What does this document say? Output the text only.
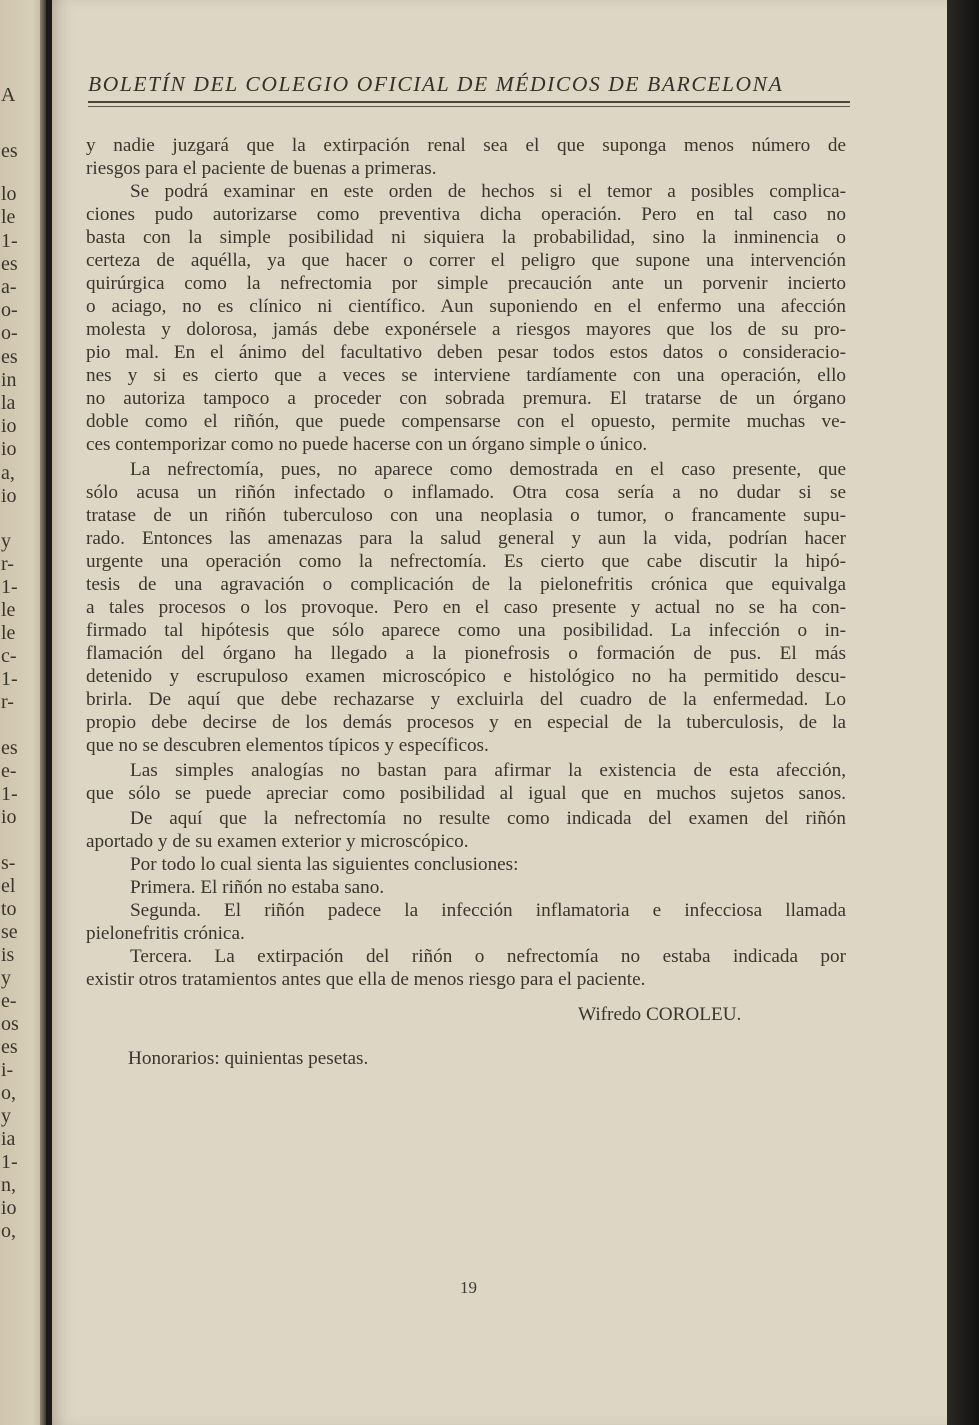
A
es
lo
le
1-
es
a-
o-
o-
es
in
la
io
io
a,
io
y
r-
1-
le
le
c-
1-
r-
es
e-
1-
io
s-
el
to
se
is
y
e-
os
es
i-
o,
y
ia
1-
n,
io
o,
BOLETÍN DEL COLEGIO OFICIAL DE MÉDICOS DE BARCELONA
y nadie juzgará que la extirpación renal sea el que suponga menos número de
riesgos para el paciente de buenas a primeras.
Se podrá examinar en este orden de hechos si el temor a posibles complica-
ciones pudo autorizarse como preventiva dicha operación. Pero en tal caso no
basta con la simple posibilidad ni siquiera la probabilidad, sino la inminencia o
certeza de aquélla, ya que hacer o correr el peligro que supone una intervención
quirúrgica como la nefrectomia por simple precaución ante un porvenir incierto
o aciago, no es clínico ni científico. Aun suponiendo en el enfermo una afección
molesta y dolorosa, jamás debe exponérsele a riesgos mayores que los de su pro-
pio mal. En el ánimo del facultativo deben pesar todos estos datos o consideracio-
nes y si es cierto que a veces se interviene tardíamente con una operación, ello
no autoriza tampoco a proceder con sobrada premura. El tratarse de un órgano
doble como el riñón, que puede compensarse con el opuesto, permite muchas ve-
ces contemporizar como no puede hacerse con un órgano simple o único.
La nefrectomía, pues, no aparece como demostrada en el caso presente, que
sólo acusa un riñón infectado o inflamado. Otra cosa sería a no dudar si se
tratase de un riñón tuberculoso con una neoplasia o tumor, o francamente supu-
rado. Entonces las amenazas para la salud general y aun la vida, podrían hacer
urgente una operación como la nefrectomía. Es cierto que cabe discutir la hipó-
tesis de una agravación o complicación de la pielonefritis crónica que equivalga
a tales procesos o los provoque. Pero en el caso presente y actual no se ha con-
firmado tal hipótesis que sólo aparece como una posibilidad. La infección o in-
flamación del órgano ha llegado a la pionefrosis o formación de pus. El más
detenido y escrupuloso examen microscópico e histológico no ha permitido descu-
brirla. De aquí que debe rechazarse y excluirla del cuadro de la enfermedad. Lo
propio debe decirse de los demás procesos y en especial de la tuberculosis, de la
que no se descubren elementos típicos y específicos.
Las simples analogías no bastan para afirmar la existencia de esta afección,
que sólo se puede apreciar como posibilidad al igual que en muchos sujetos sanos.
De aquí que la nefrectomía no resulte como indicada del examen del riñón
aportado y de su examen exterior y microscópico.
Por todo lo cual sienta las siguientes conclusiones:
Primera. El riñón no estaba sano.
Segunda. El riñón padece la infección inflamatoria e infecciosa llamada
pielonefritis crónica.
Tercera. La extirpación del riñón o nefrectomía no estaba indicada por
existir otros tratamientos antes que ella de menos riesgo para el paciente.
Wifredo COROLEU.
Honorarios: quinientas pesetas.
19
